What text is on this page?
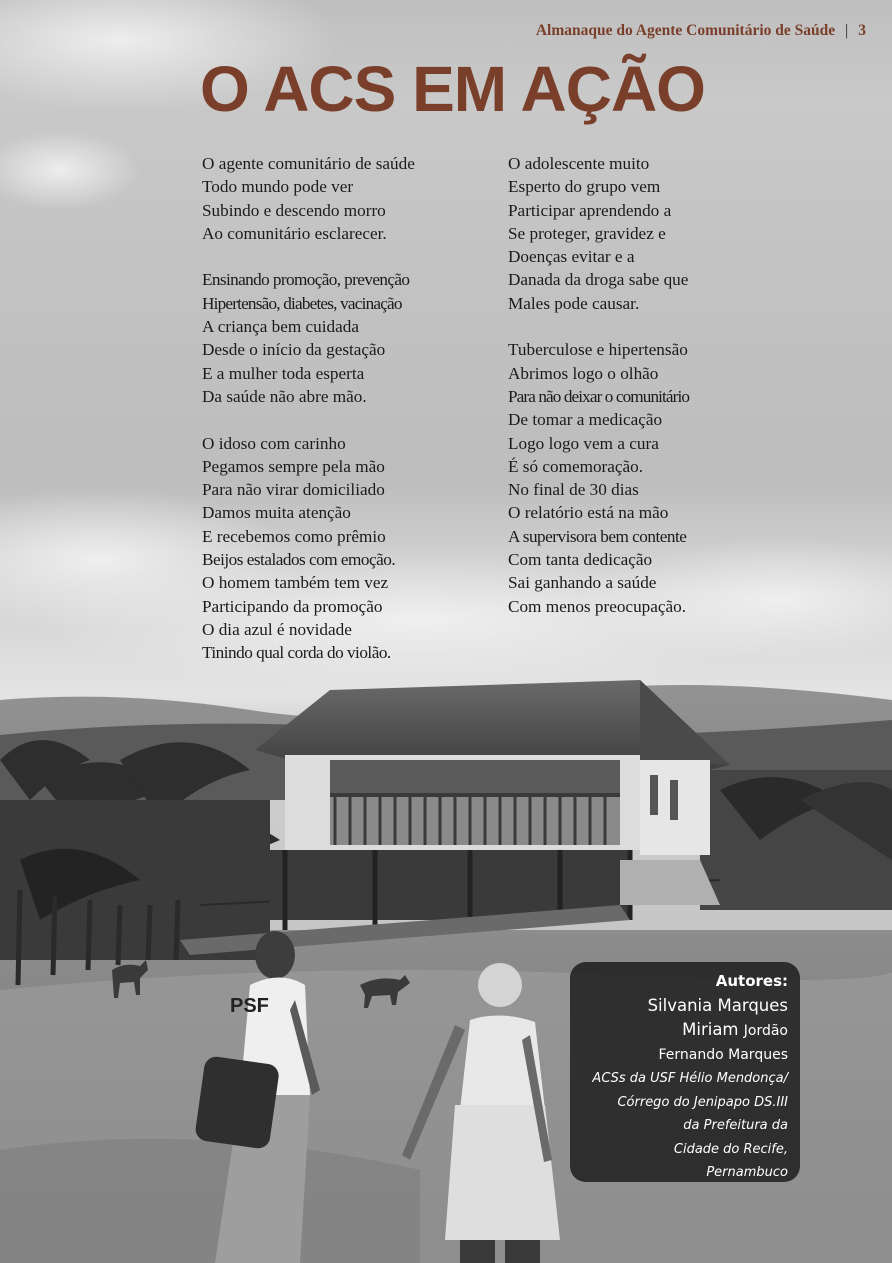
PSF
Almanaque do Agente Comunitário de Saúde | 3
O ACS EM AÇÃO
O agente comunitário de saúde
Todo mundo pode ver
Subindo e descendo morro
Ao comunitário esclarecer.
Ensinando promoção, prevenção
Hipertensão, diabetes, vacinação
A criança bem cuidada
Desde o início da gestação
E a mulher toda esperta
Da saúde não abre mão.
O idoso com carinho
Pegamos sempre pela mão
Para não virar domiciliado
Damos muita atenção
E recebemos como prêmio
Beijos estalados com emoção.
O homem também tem vez
Participando da promoção
O dia azul é novidade
Tinindo qual corda do violão.
O adolescente muito
Esperto do grupo vem
Participar aprendendo a
Se proteger, gravidez e
Doenças evitar e a
Danada da droga sabe que
Males pode causar.
Tuberculose e hipertensão
Abrimos logo o olhão
Para não deixar o comunitário
De tomar a medicação
Logo logo vem a cura
É só comemoração.
No final de 30 dias
O relatório está na mão
A supervisora bem contente
Com tanta dedicação
Sai ganhando a saúde
Com menos preocupação.
Autores:
Silvania Marques
Miriam Jordão
Fernando Marques
ACSs da USF Hélio Mendonça/
Córrego do Jenipapo DS.III
da Prefeitura da
Cidade do Recife,
Pernambuco
